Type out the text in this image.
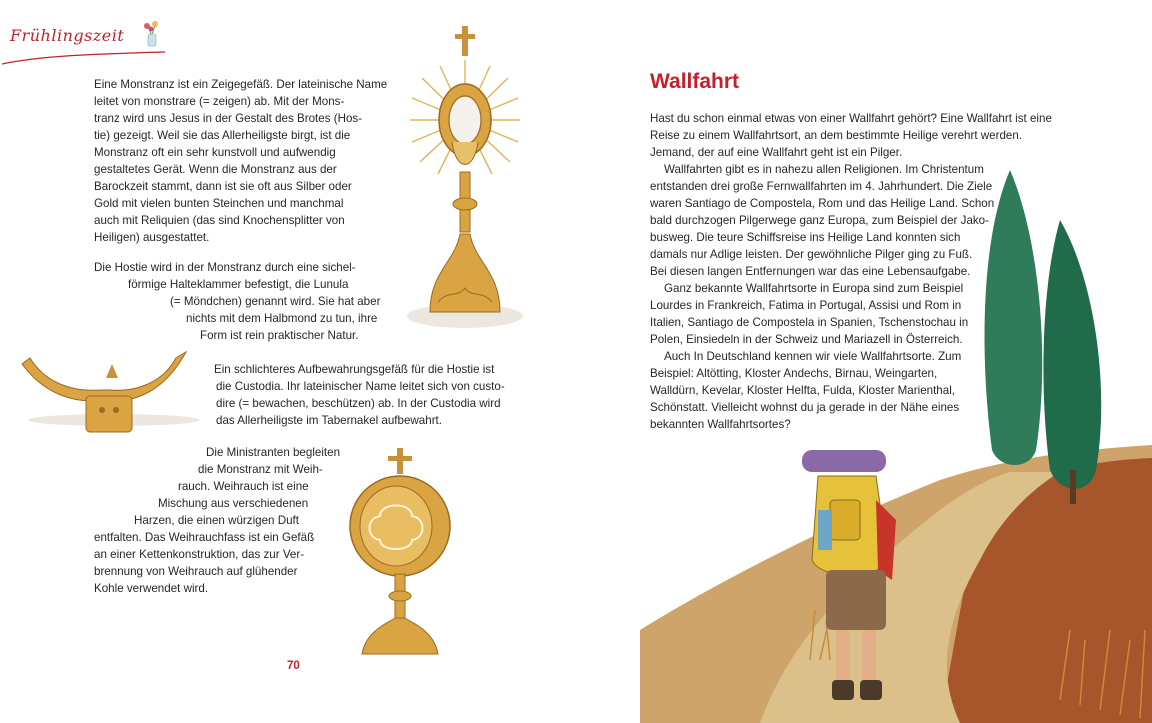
Frühlingszeit

Eine Monstranz ist ein Zeigegefäß. Der lateinische Name

leitet von monstrare (= zeigen) ab. Mit der Mons-

tranz wird uns Jesus in der Gestalt des Brotes (Hos-

tie) gezeigt. Weil sie das Allerheiligste birgt, ist die

Monstranz oft ein sehr kunstvoll und aufwendig

gestaltetes Gerät. Wenn die Monstranz aus der

Barockzeit stammt, dann ist sie oft aus Silber oder

Gold mit vielen bunten Steinchen und manchmal

auch mit Reliquien (das sind Knochensplitter von

Heiligen) ausgestattet.

Die Hostie wird in der Monstranz durch eine sichel-

förmige Halteklammer befestigt, die Lunula

(= Möndchen) genannt wird. Sie hat aber

nichts mit dem Halbmond zu tun, ihre

Form ist rein praktischer Natur.

Ein schlichteres Aufbewahrungsgefäß für die Hostie ist

die Custodia. Ihr lateinischer Name leitet sich von custo-

dire (= bewachen, beschützen) ab. In der Custodia wird

das Allerheiligste im Tabernakel aufbewahrt.

Die Ministranten begleiten

die Monstranz mit Weih-

rauch. Weihrauch ist eine

Mischung aus verschiedenen

Harzen, die einen würzigen Duft

entfalten. Das Weihrauchfass ist ein Gefäß

an einer Kettenkonstruktion, das zur Ver-

brennung von Weihrauch auf glühender

Kohle verwendet wird.

70
Wallfahrt

Hast du schon einmal etwas von einer Wallfahrt gehört? Eine Wallfahrt ist eine

Reise zu einem Wallfahrtsort, an dem bestimmte Heilige verehrt werden.

Jemand, der auf eine Wallfahrt geht ist ein Pilger.

Wallfahrten gibt es in nahezu allen Religionen. Im Christentum

entstanden drei große Fernwallfahrten im 4. Jahrhundert. Die Ziele

waren Santiago de Compostela, Rom und das Heilige Land. Schon

bald durchzogen Pilgerwege ganz Europa, zum Beispiel der Jako-

busweg. Die teure Schiffsreise ins Heilige Land konnten sich

damals nur Adlige leisten. Der gewöhnliche Pilger ging zu Fuß.

Bei diesen langen Entfernungen war das eine Lebensaufgabe.

Ganz bekannte Wallfahrtsorte in Europa sind zum Beispiel

Lourdes in Frankreich, Fatima in Portugal, Assisi und Rom in

Italien, Santiago de Compostela in Spanien, Tschenstochau in

Polen, Einsiedeln in der Schweiz und Mariazell in Österreich.

Auch In Deutschland kennen wir viele Wallfahrtsorte. Zum

Beispiel: Altötting, Kloster Andechs, Birnau, Weingarten,

Walldürn, Kevelar, Kloster Helfta, Fulda, Kloster Marienthal,

Schönstatt. Vielleicht wohnst du ja gerade in der Nähe eines

bekannten Wallfahrtsortes?
